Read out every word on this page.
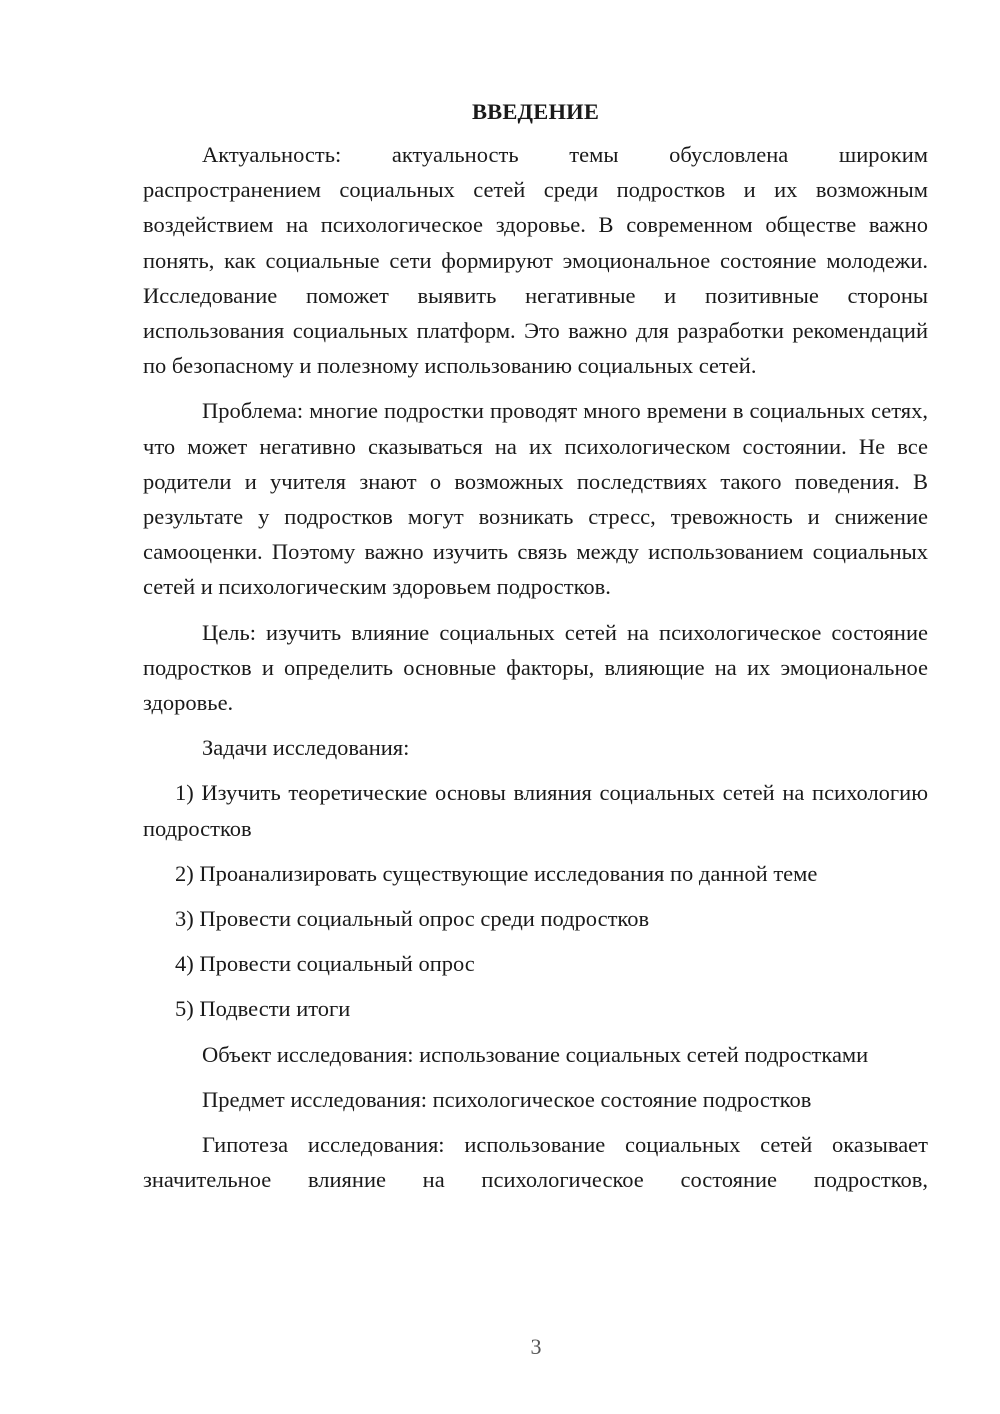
ВВЕДЕНИЕ

Актуальность: актуальность темы обусловлена широким распространением социальных сетей среди подростков и их возможным воздействием на психологическое здоровье. В современном обществе важно понять, как социальные сети формируют эмоциональное состояние молодежи. Исследование поможет выявить негативные и позитивные стороны использования социальных платформ. Это важно для разработки рекомендаций по безопасному и полезному использованию социальных сетей.

Проблема: многие подростки проводят много времени в социальных сетях, что может негативно сказываться на их психологическом состоянии. Не все родители и учителя знают о возможных последствиях такого поведения. В результате у подростков могут возникать стресс, тревожность и снижение самооценки. Поэтому важно изучить связь между использованием социальных сетей и психологическим здоровьем подростков.

Цель: изучить влияние социальных сетей на психологическое состояние подростков и определить основные факторы, влияющие на их эмоциональное здоровье.

Задачи исследования:

1) Изучить теоретические основы влияния социальных сетей на психологию подростков

2) Проанализировать существующие исследования по данной теме

3) Провести социальный опрос среди подростков

4) Провести социальный опрос

5) Подвести итоги

Объект исследования: использование социальных сетей подростками

Предмет исследования: психологическое состояние подростков

Гипотеза исследования: использование социальных сетей оказывает значительное влияние на психологическое состояние подростков,

3
